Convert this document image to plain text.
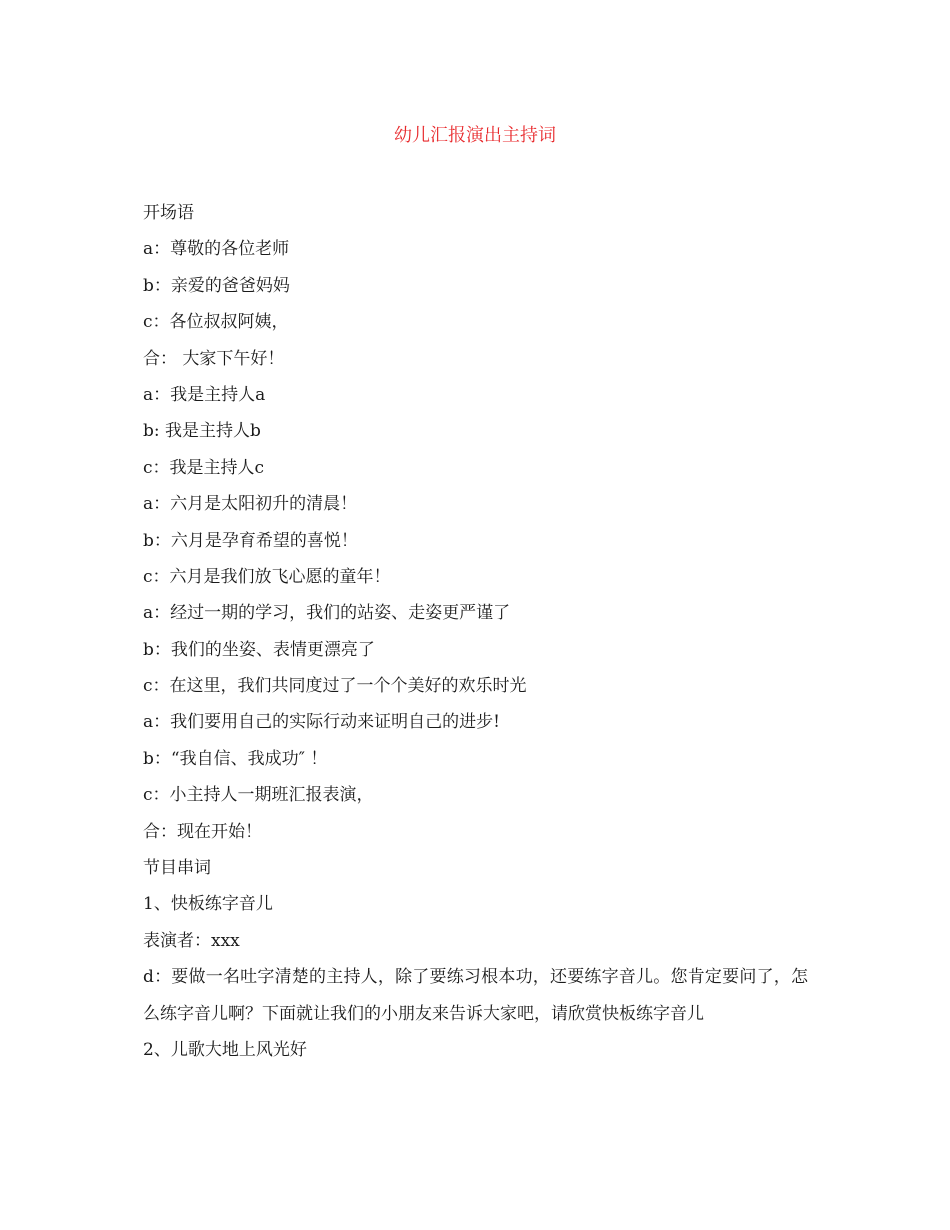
幼儿汇报演出主持词
开场语
a：尊敬的各位老师
b：亲爱的爸爸妈妈
c：各位叔叔阿姨，
合： 大家下午好！
a：我是主持人a
b: 我是主持人b
c：我是主持人c
a：六月是太阳初升的清晨！
b：六月是孕育希望的喜悦！
c：六月是我们放飞心愿的童年！
a：经过一期的学习，我们的站姿、走姿更严谨了
b：我们的坐姿、表情更漂亮了
c：在这里，我们共同度过了一个个美好的欢乐时光
a：我们要用自己的实际行动来证明自己的进步!
b：“我自信、我成功″ ！
c：小主持人一期班汇报表演，
合：现在开始！
节目串词
1、快板练字音儿
表演者：xxx
d：要做一名吐字清楚的主持人，除了要练习根本功，还要练字音儿。您肯定要问了，怎么练字音儿啊？下面就让我们的小朋友来告诉大家吧，请欣赏快板练字音儿
2、儿歌大地上风光好
